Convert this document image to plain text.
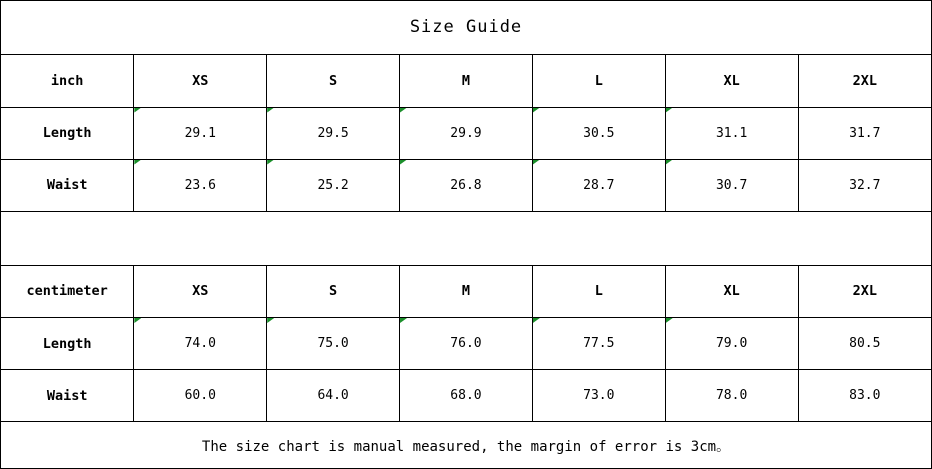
Size Guide
inch	XS	S	M	L	XL	2XL
Length	29.1	29.5	29.9	30.5	31.1	31.7
Waist	23.6	25.2	26.8	28.7	30.7	32.7
centimeter	XS	S	M	L	XL	2XL
Length	74.0	75.0	76.0	77.5	79.0	80.5
Waist	60.0	64.0	68.0	73.0	78.0	83.0
The size chart is manual measured, the margin of error is 3cm。
